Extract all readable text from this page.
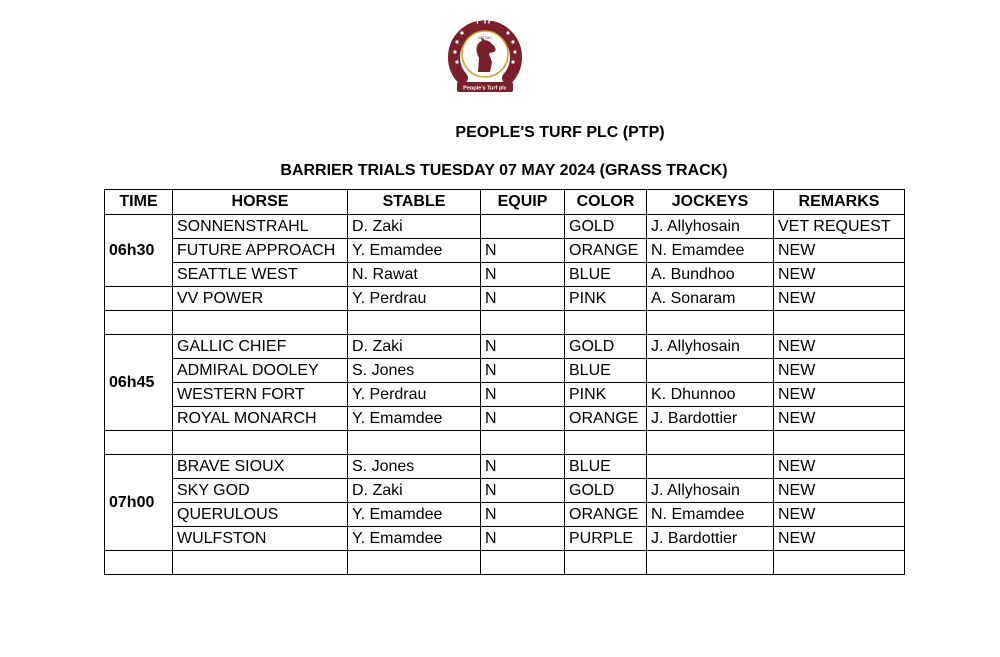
PTP
EST 2021
People's Turf plc
PEOPLE'S TURF PLC (PTP)
BARRIER TRIALS TUESDAY 07 MAY 2024 (GRASS TRACK)
TIME	HORSE	STABLE	EQUIP	COLOR	JOCKEYS	REMARKS
06h30	SONNENSTRAHL	D. Zaki		GOLD	J. Allyhosain	VET REQUEST
	FUTURE APPROACH	Y. Emamdee	N	ORANGE	N. Emamdee	NEW
	SEATTLE WEST	N. Rawat	N	BLUE	A. Bundhoo	NEW
	VV POWER	Y. Perdrau	N	PINK	A. Sonaram	NEW

06h45	GALLIC CHIEF	D. Zaki	N	GOLD	J. Allyhosain	NEW
	ADMIRAL DOOLEY	S. Jones	N	BLUE		NEW
	WESTERN FORT	Y. Perdrau	N	PINK	K. Dhunnoo	NEW
	ROYAL MONARCH	Y. Emamdee	N	ORANGE	J. Bardottier	NEW

07h00	BRAVE SIOUX	S. Jones	N	BLUE		NEW
	SKY GOD	D. Zaki	N	GOLD	J. Allyhosain	NEW
	QUERULOUS	Y. Emamdee	N	ORANGE	N. Emamdee	NEW
	WULFSTON	Y. Emamdee	N	PURPLE	J. Bardottier	NEW
